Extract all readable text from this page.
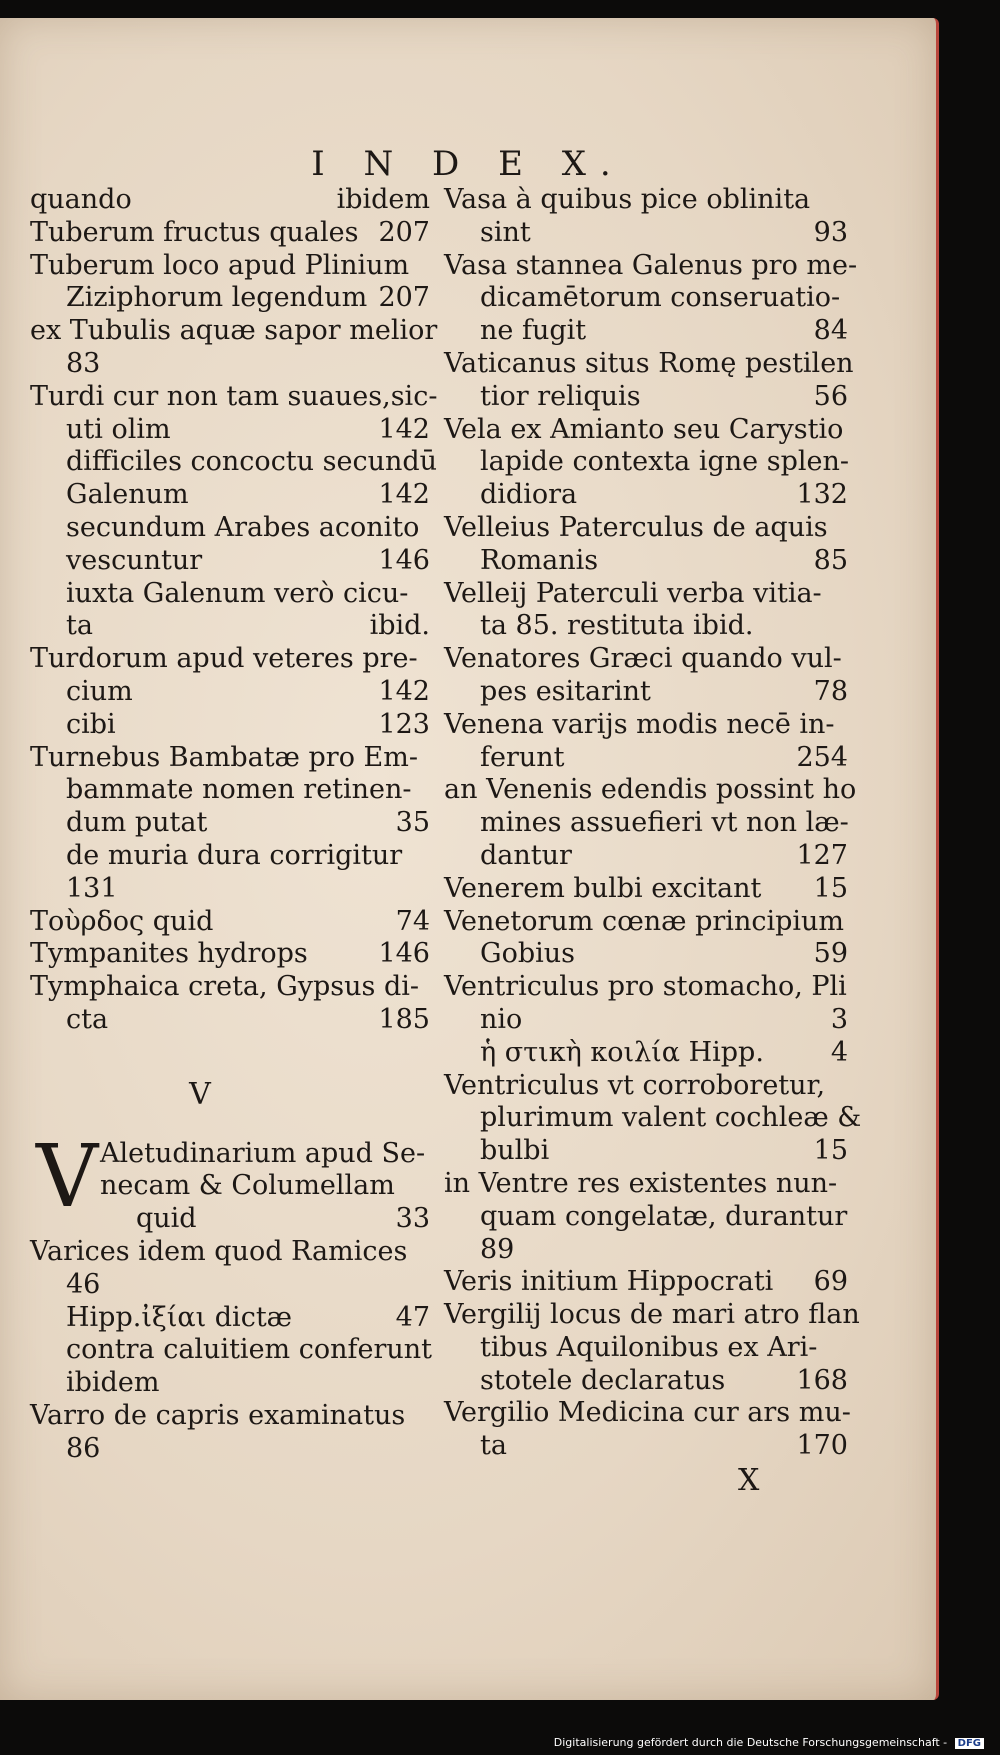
I N D E X.
ibidem
quando
207
Tuberum fructus quales
Tuberum loco apud Plinium
207
Ziziphorum legendum
ex Tubulis aquæ sapor melior
83
Turdi cur non tam suaues,sic-
142
uti olim
difficiles concoctu secundū
142
Galenum
secundum Arabes aconito
146
vescuntur
iuxta Galenum verò cicu-
ibid.
ta
Turdorum apud veteres pre-
142
cium
123
cibi
Turnebus Bambatæ pro Em-
bammate nomen retinen-
35
dum putat
de muria dura corrigitur
131
74
Τοὺρδος quid
146
Tympanites hydrops
Tymphaica creta, Gypsus di-
185
cta
V
V Aletudinarium apud Se-
necam & Columellam
33
quid
Varices idem quod Ramices
46
47
Hipp.ἰξίαι dictæ
contra caluitiem conferunt
ibidem
Varro de capris examinatus
86
Vasa à quibus pice oblinita
93
sint
Vasa stannea Galenus pro me-
dicamētorum conseruatio-
84
ne fugit
Vaticanus situs Romę pestilen
56
tior reliquis
Vela ex Amianto seu Carystio
lapide contexta igne splen-
132
didiora
Velleius Paterculus de aquis
85
Romanis
Velleij Paterculi verba vitia-
ta 85. restituta ibid.
Venatores Græci quando vul-
78
pes esitarint
Venena varijs modis necē in-
254
ferunt
an Venenis edendis possint ho
mines assuefieri vt non læ-
127
dantur
15
Venerem bulbi excitant
Venetorum cœnæ principium
59
Gobius
Ventriculus pro stomacho, Pli
3
nio
4
ἡ στικὴ κοιλία Hipp.
Ventriculus vt corroboretur,
plurimum valent cochleæ &
15
bulbi
in Ventre res existentes nun-
quam congelatæ, durantur
89
69
Veris initium Hippocrati
Vergilij locus de mari atro flan
tibus Aquilonibus ex Ari-
168
stotele declaratus
Vergilio Medicina cur ars mu-
170
ta
X
Digitalisierung gefördert durch die Deutsche Forschungsgemeinschaft - DFG
